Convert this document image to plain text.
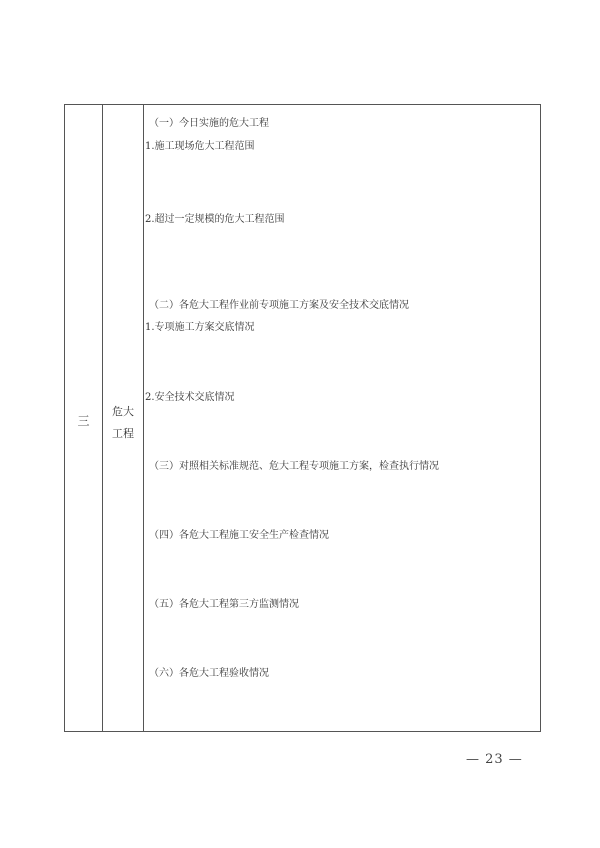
三
危大
工程
（一）今日实施的危大工程
1.施工现场危大工程范围
2.超过一定规模的危大工程范围
（二）各危大工程作业前专项施工方案及安全技术交底情况
1.专项施工方案交底情况
2.安全技术交底情况
（三）对照相关标准规范、危大工程专项施工方案，检查执行情况
（四）各危大工程施工安全生产检查情况
（五）各危大工程第三方监测情况
（六）各危大工程验收情况
— 23 —
